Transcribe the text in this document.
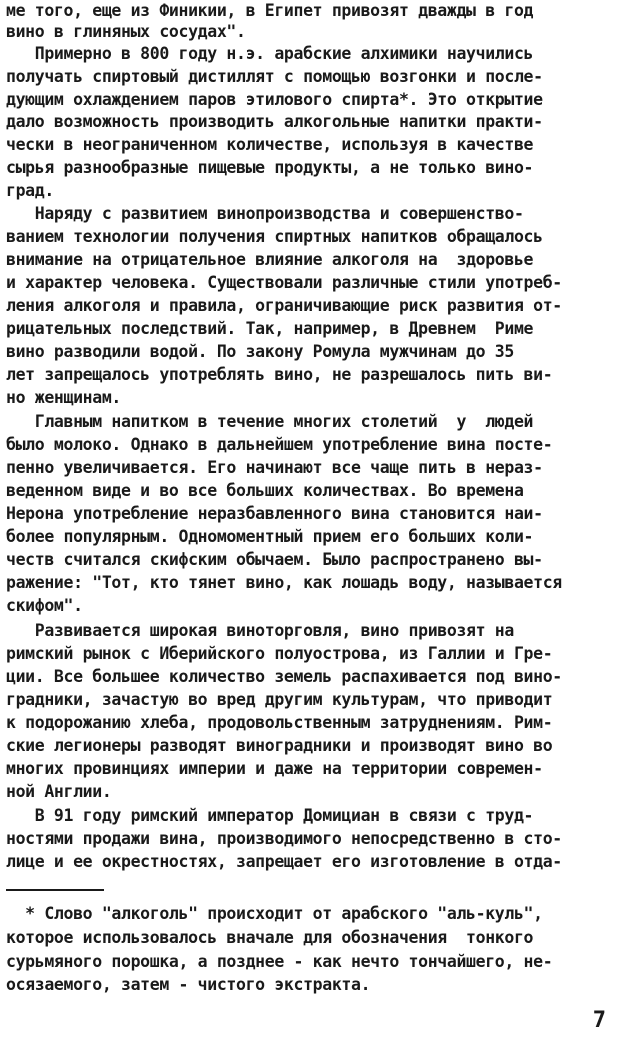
ме того, еще из Финикии, в Египет привозят дважды в год
вино в глиняных сосудах".
Примерно в 800 году н.э. арабские алхимики научились
получать спиртовый дистиллят с помощью возгонки и после-
дующим охлаждением паров этилового спирта*. Это открытие
дало возможность производить алкогольные напитки практи-
чески в неограниченном количестве, используя в качестве
сырья разнообразные пищевые продукты, а не только вино-
град.
Наряду с развитием винопроизводства и совершенство-
ванием технологии получения спиртных напитков обращалось
внимание на отрицательное влияние алкоголя на  здоровье
и характер человека. Существовали различные стили употреб-
ления алкоголя и правила, ограничивающие риск развития от-
рицательных последствий. Так, например, в Древнем  Риме
вино разводили водой. По закону Ромула мужчинам до 35
лет запрещалось употреблять вино, не разрешалось пить ви-
но женщинам.
Главным напитком в течение многих столетий  у  людей
было молоко. Однако в дальнейшем употребление вина посте-
пенно увеличивается. Его начинают все чаще пить в нераз-
веденном виде и во все больших количествах. Во времена
Нерона употребление неразбавленного вина становится наи-
более популярным. Одномоментный прием его больших коли-
честв считался скифским обычаем. Было распространено вы-
ражение: "Тот, кто тянет вино, как лошадь воду, называется
скифом".
Развивается широкая виноторговля, вино привозят на
римский рынок с Иберийского полуострова, из Галлии и Гре-
ции. Все большее количество земель распахивается под вино-
градники, зачастую во вред другим культурам, что приводит
к подорожанию хлеба, продовольственным затруднениям. Рим-
ские легионеры разводят виноградники и производят вино во
многих провинциях империи и даже на территории современ-
ной Англии.
В 91 году римский император Домициан в связи с труд-
ностями продажи вина, производимого непосредственно в сто-
лице и ее окрестностях, запрещает его изготовление в отда-
* Слово "алкоголь" происходит от арабского "аль-куль",
которое использовалось вначале для обозначения  тонкого
сурьмяного порошка, а позднее - как нечто тончайшего, не-
осязаемого, затем - чистого экстракта.
7
